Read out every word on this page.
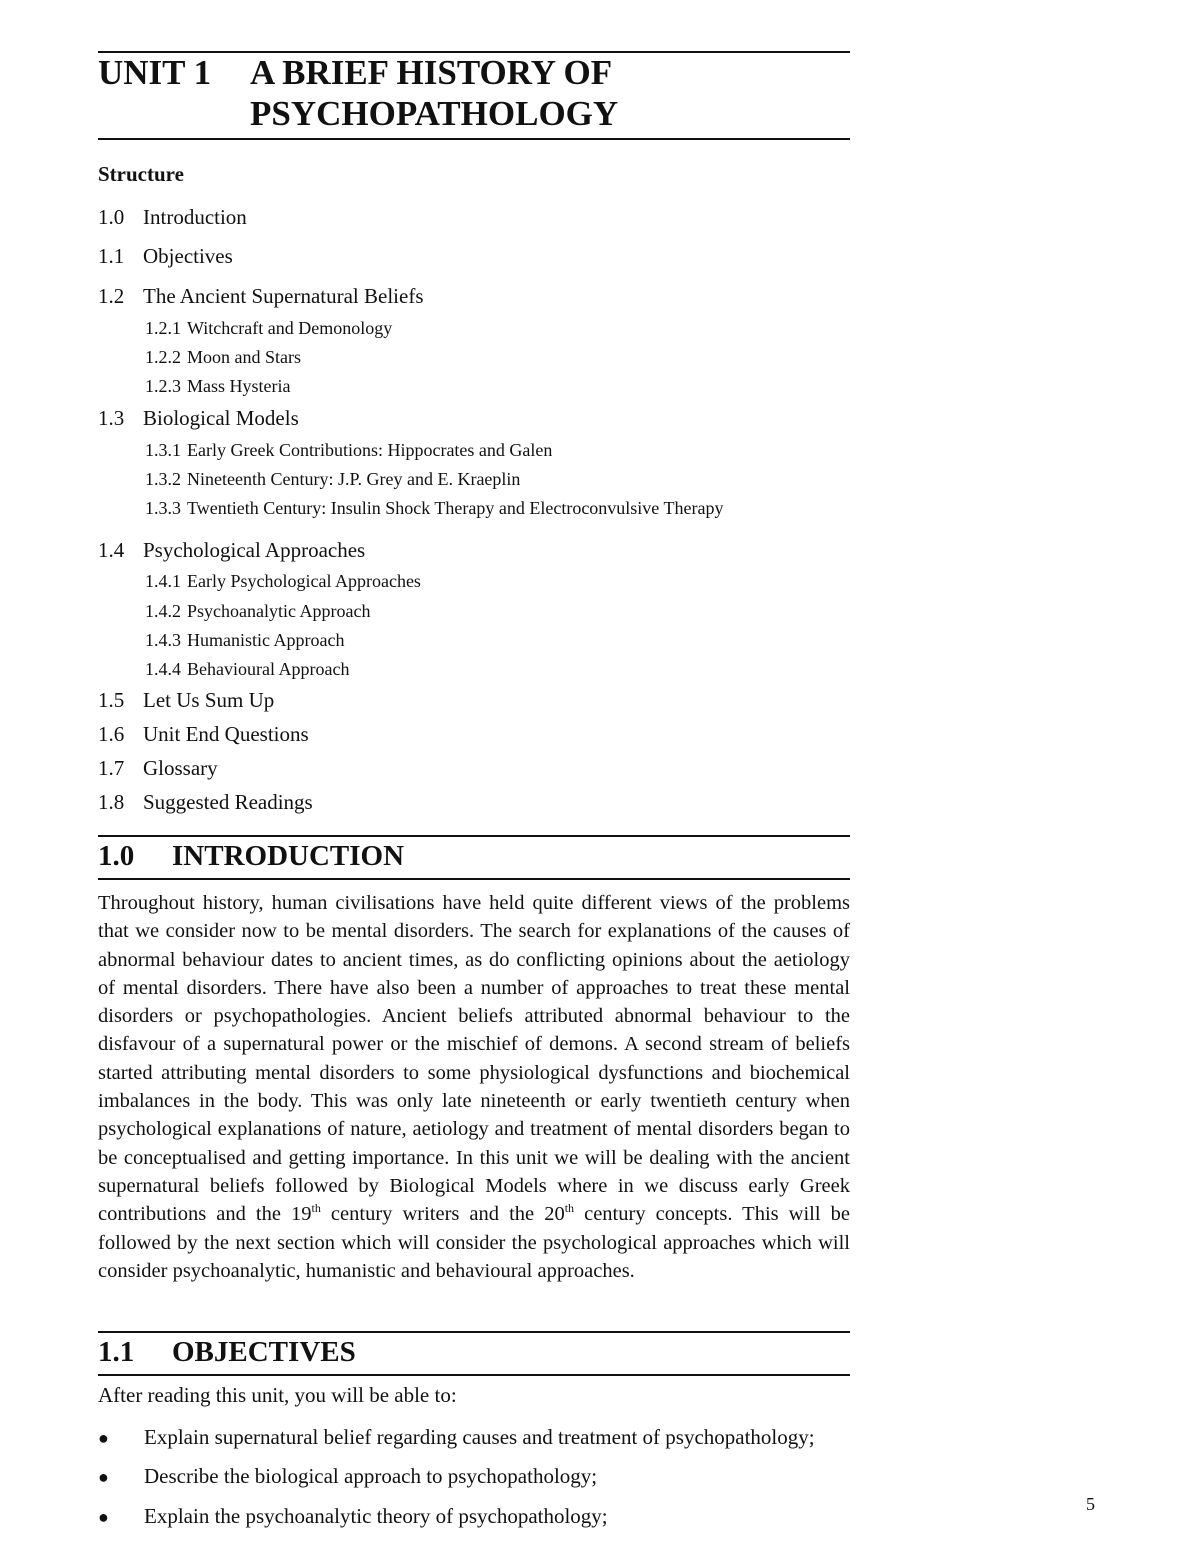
UNIT 1 A BRIEF HISTORY OF
PSYCHOPATHOLOGY
Structure
1.0 Introduction
1.1 Objectives
1.2 The Ancient Supernatural Beliefs
1.2.1 Witchcraft and Demonology
1.2.2 Moon and Stars
1.2.3 Mass Hysteria
1.3 Biological Models
1.3.1 Early Greek Contributions: Hippocrates and Galen
1.3.2 Nineteenth Century: J.P. Grey and E. Kraeplin
1.3.3 Twentieth Century: Insulin Shock Therapy and Electroconvulsive Therapy
1.4 Psychological Approaches
1.4.1 Early Psychological Approaches
1.4.2 Psychoanalytic Approach
1.4.3 Humanistic Approach
1.4.4 Behavioural Approach
1.5 Let Us Sum Up
1.6 Unit End Questions
1.7 Glossary
1.8 Suggested Readings
1.0 INTRODUCTION

Throughout history, human civilisations have held quite different views of the problems that we consider now to be mental disorders. The search for explanations of the causes of abnormal behaviour dates to ancient times, as do conflicting opinions about the aetiology of mental disorders. There have also been a number of approaches to treat these mental disorders or psychopathologies. Ancient beliefs attributed abnormal behaviour to the disfavour of a supernatural power or the mischief of demons. A second stream of beliefs started attributing mental disorders to some physiological dysfunctions and biochemical imbalances in the body. This was only late nineteenth or early twentieth century when psychological explanations of nature, aetiology and treatment of mental disorders began to be conceptualised and getting importance. In this unit we will be dealing with the ancient supernatural beliefs followed by Biological Models where in we discuss early Greek contributions and the 19th century writers and the 20th century concepts. This will be followed by the next section which will consider the psychological approaches which will consider psychoanalytic, humanistic and behavioural approaches.

1.1 OBJECTIVES
After reading this unit, you will be able to:
● Explain supernatural belief regarding causes and treatment of psychopathology;
● Describe the biological approach to psychopathology;
● Explain the psychoanalytic theory of psychopathology;	5
